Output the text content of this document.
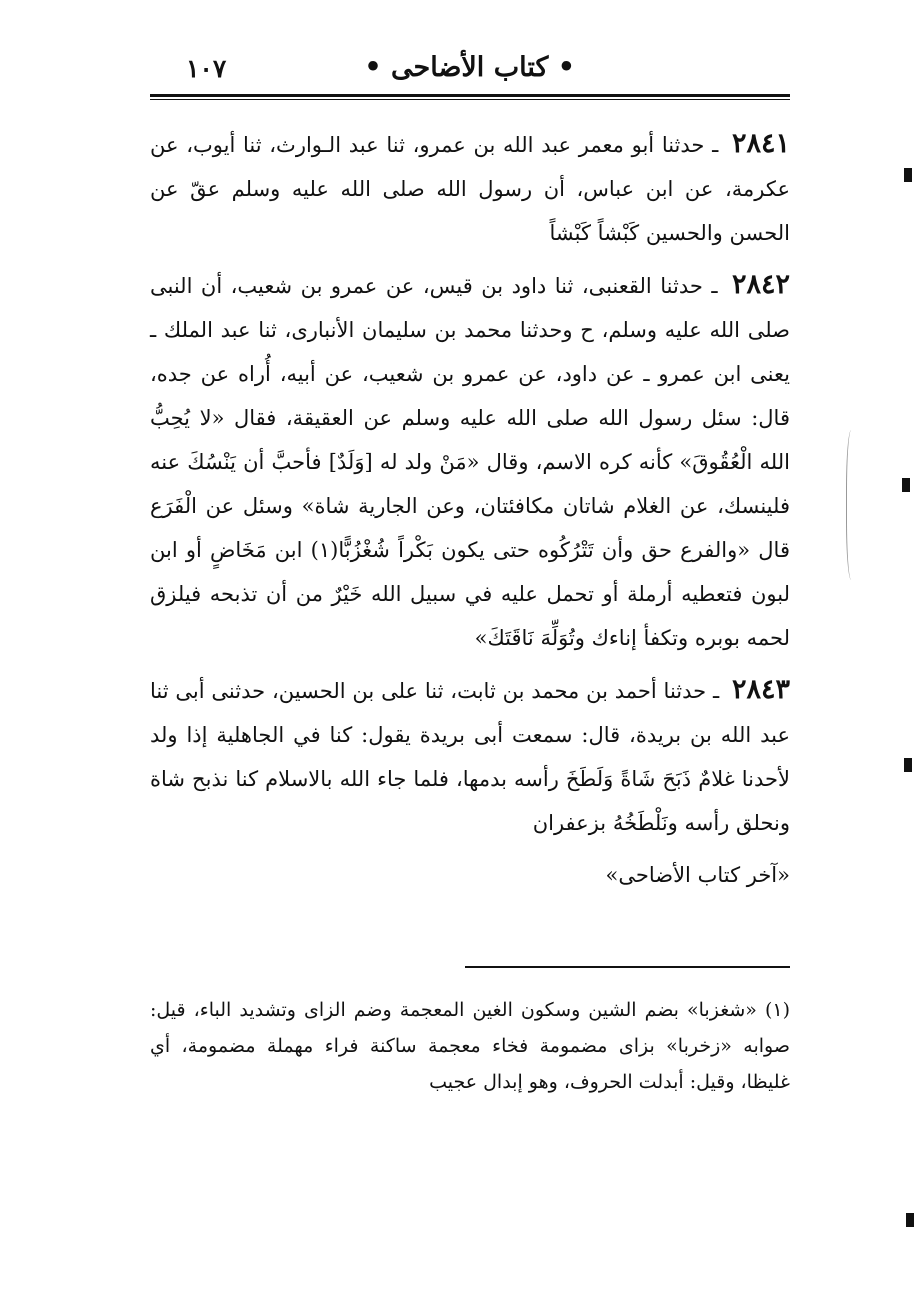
• كتاب الأضاحى •
١٠٧

٢٨٤١ ـ حدثنا أبو معمر عبد الله بن عمرو، ثنا عبد الـوارث، ثنا أيوب، عن عكرمة، عن ابن عباس، أن رسول الله صلى الله عليه وسلم عقّ عن الحسن والحسين كَبْشاً كَبْشاً

٢٨٤٢ ـ حدثنا القعنبى، ثنا داود بن قيس، عن عمرو بن شعيب، أن النبى صلى الله عليه وسلم، ح وحدثنا محمد بن سليمان الأنبارى، ثنا عبد الملك ـ يعنى ابن عمرو ـ عن داود، عن عمرو بن شعيب، عن أبيه، أُراه عن جده، قال: سئل رسول الله صلى الله عليه وسلم عن العقيقة، فقال «لا يُحِبُّ الله الْعُقُوقَ» كأنه كره الاسم، وقال «مَنْ ولد له [وَلَدٌ] فأحبَّ أن يَنْسُكَ عنه فلينسك، عن الغلام شاتان مكافئتان، وعن الجارية شاة» وسئل عن الْفَرَع قال «والفرع حق وأن تَتْرُكُوه حتى يكون بَكْراً شُغْزُبًّا(١) ابن مَخَاضٍ أو ابن لبون فتعطيه أرملة أو تحمل عليه في سبيل الله خَيْرٌ من أن تذبحه فيلزق لحمه بوبره وتكفأ إناءك وتُوَلِّهَ نَاقَتَكَ»

٢٨٤٣ ـ حدثنا أحمد بن محمد بن ثابت، ثنا على بن الحسين، حدثنى أبى ثنا عبد الله بن بريدة، قال: سمعت أبى بريدة يقول: كنا في الجاهلية إذا ولد لأحدنا غلامٌ ذَبَحَ شَاةً وَلَطَخَ رأسه بدمها، فلما جاء الله بالاسلام كنا نذبح شاة ونحلق رأسه ونَلْطَخُهُ بزعفران

«آخر كتاب الأضاحى»

(١) «شغزبا» بضم الشين وسكون الغين المعجمة وضم الزاى وتشديد الباء، قيل: صوابه «زخربا» بزاى مضمومة فخاء معجمة ساكنة فراء مهملة مضمومة، أي غليظا، وقيل: أبدلت الحروف، وهو إبدال عجيب
